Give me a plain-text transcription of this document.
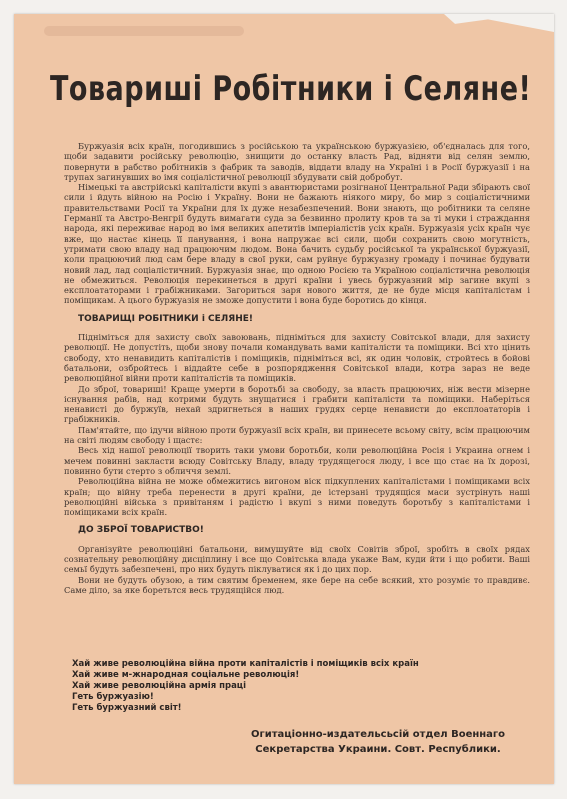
Товариші Робітники і Селяне!

Буржуазія всіх країн, погодившись з російською та українською буржуазією, об'єдналась для того, щоби задавити російську революцію, знищити до останку власть Рад, відняти від селян землю, повернути в рабство робітників з фабрик та заводів, віддати владу на Україні і в Росії буржуазії і на трупах загинувших во імя соціалістичної революції збудувати свій добробут.

Німецькі та австрійські капіталісти вкупі з авантюристами розігнаної Центральної Ради збірають свої сили і йдуть війною на Росію і Україну. Вони не бажають ніякого миру, бо мир з соціалістичними правительствами Росії та України для їх дуже незабезпечений. Вони знають, що робітники та селяне Германії та Австро-Венгрії будуть вимагати суда за безвинно пролиту кров та за ті муки і страждання народа, які переживає народ во імя великих апетитів імперіалістів усіх країн. Буржуазія усіх країн чує вже, що настає кінець її панування, і вона напружає всі сили, щоби сохранить свою могутність, утримати свою владу над працюючим людом. Вона бачить судьбу російської та української буржуазії, коли працюючий люд сам бере владу в свої руки, сам руйнує буржуазну громаду і починає будувати новий лад, лад соціалістичний. Буржуазія знає, що одною Росією та Україною соціалістична революція не обмежиться. Революція перекинеться в другі країни і увесь буржуазний мір загине вкупі з експлоататорами і грабіжниками. Загориться заря нового життя, де не буде місця капіталістам і поміщикам. А цього буржуазія не зможе допустити і вона буде боротись до кінця.

ТОВАРИЩІ РОБІТНИКИ і СЕЛЯНЕ!

Підніміться для захисту своїх завоювань, підніміться для захисту Совітської влади, для захисту революції. Не допустіть, щоби знову почали командувать вами капіталісти та поміщики. Всі хто цінить свободу, хто ненавидить капіталістів і поміщиків, підніміться всі, як один чоловік, стройтесь в бойові батальони, озбройтесь і віддайте себе в розпорядження Совітської влади, котра зараз не веде революційної війни проти капіталістів та поміщиків.

До зброї, товариші! Краще умерти в боротьбі за свободу, за власть працюючих, ніж вести мізерне існування рабів, над котрими будуть знущатися і грабити капіталісти та поміщики. Наберіться ненависті до буржуїв, нехай здригнеться в наших грудях серце ненависти до експлоататорів і грабіжників.

Пам'ятайте, що ідучи війною проти буржуазії всіх країн, ви принесете всьому світу, всім працюючим на світі людям свободу і щастє:

Весь хід нашої революції творить таки умови боротьби, коли революційна Росія і Украина огнем і мечем повинні закласти всюду Совітську Владу, владу трудящегося люду, і все що стає на їх дорозі, повинно бути стерто з обличчя землі.

Революційна війна не може обмежитись вигоном віск підкуплених капіталістами і поміщиками всіх країн; що війну треба перенести в другі країни, де істерзані трудящіся маси зустрінуть наші революційні війська з привітаням і радістю і вкупі з ними поведуть боротьбу з капіталістами і поміщиками всіх країн.

ДО ЗБРОЇ ТОВАРИСТВО!

Організуйте революційні батальони, вимушуйте від своїх Совітів зброї, зробіть в своїх рядах сознательну революційну дисціплину і все що Совітська влада укаже Вам, куди йти і що робити. Ваші семьї будуть забезпечені, про них будуть піклуватися як і до цих пор.

Вони не будуть обузою, а тим святим бременем, яке бере на себе всякий, хто розуміє то правдивє. Саме діло, за яке боретьтся весь трудящійся люд.

Хай живе революційна війна проти капіталістів і поміщиків всіх країн
Хай живе м-жнародная соціальне революція!
Хай живе революційна армія праці
Геть буржуазію!
Геть буржуазний світ!
Огитаціонно-издательсьсій отдел Военнаго
Секретарства Украини. Совт. Республики.
